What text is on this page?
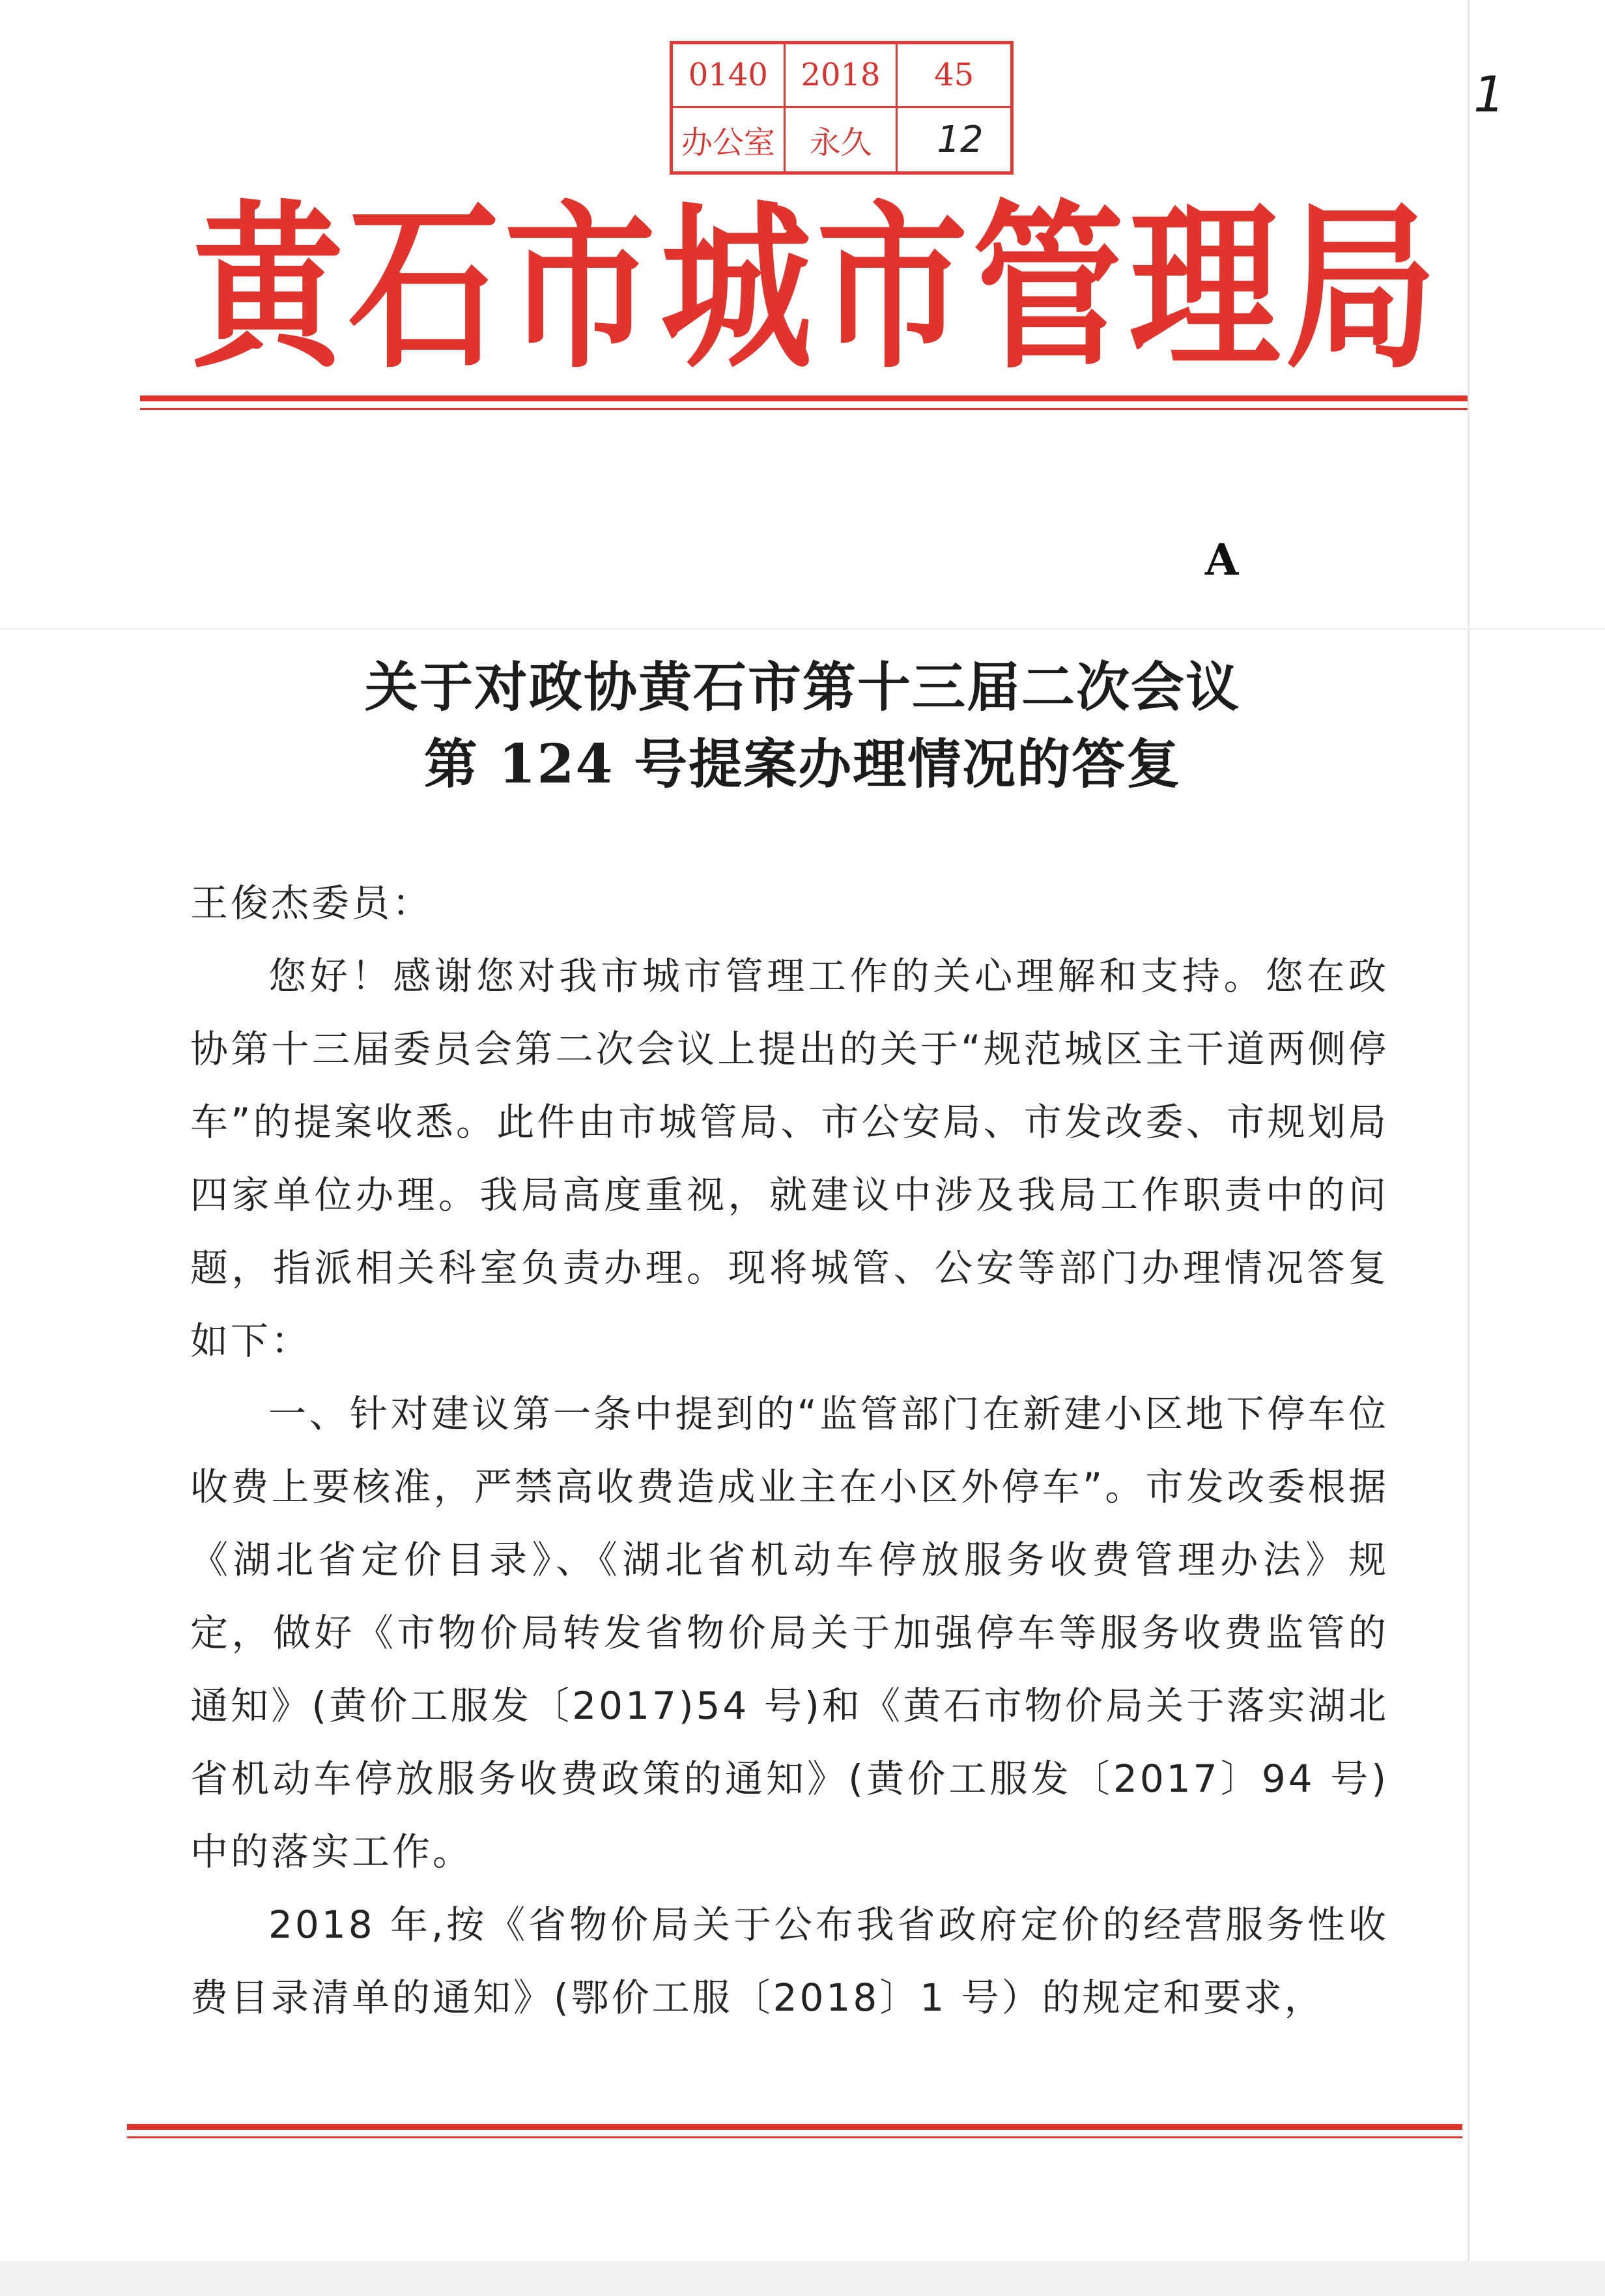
0140	2018	45
办公室	永久	12
1
黄 石 市 城 市 管 理 局
A
关于对政协黄石市第十三届二次会议
第 124 号提案办理情况的答复

王俊杰委员：

您好！感谢您对我市城市管理工作的关心理解和支持。您在政协第十三届委员会第二次会议上提出的关于“规范城区主干道两侧停车”的提案收悉。此件由市城管局、市公安局、市发改委、市规划局四家单位办理。我局高度重视，就建议中涉及我局工作职责中的问题，指派相关科室负责办理。现将城管、公安等部门办理情况答复如下：

一、针对建议第一条中提到的“监管部门在新建小区地下停车位收费上要核准，严禁高收费造成业主在小区外停车”。市发改委根据《湖北省定价目录》、《湖北省机动车停放服务收费管理办法》规定，做好《市物价局转发省物价局关于加强停车等服务收费监管的通知》(黄价工服发〔2017)54 号)和《黄石市物价局关于落实湖北省机动车停放服务收费政策的通知》(黄价工服发〔2017〕94 号)中的落实工作。

2018 年,按《省物价局关于公布我省政府定价的经营服务性收费目录清单的通知》(鄂价工服〔2018〕1 号）的规定和要求，
